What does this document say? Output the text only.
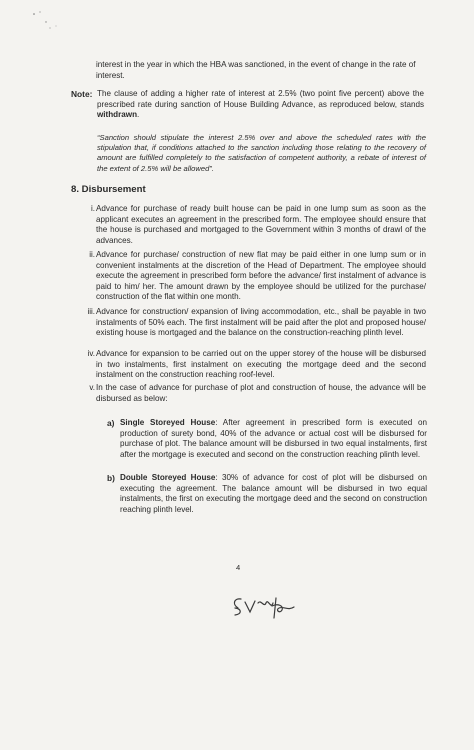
interest in the year in which the HBA was sanctioned, in the event of change in the rate of interest.
Note: The clause of adding a higher rate of interest at 2.5% (two point five percent) above the prescribed rate during sanction of House Building Advance, as reproduced below, stands withdrawn.
“Sanction should stipulate the interest 2.5% over and above the scheduled rates with the stipulation that, if conditions attached to the sanction including those relating to the recovery of amount are fulfilled completely to the satisfaction of competent authority, a rebate of interest of the extent of 2.5% will be allowed”.
8. Disbursement
i. Advance for purchase of ready built house can be paid in one lump sum as soon as the applicant executes an agreement in the prescribed form. The employee should ensure that the house is purchased and mortgaged to the Government within 3 months of drawl of the advances.
ii. Advance for purchase/ construction of new flat may be paid either in one lump sum or in convenient instalments at the discretion of the Head of Department. The employee should execute the agreement in prescribed form before the advance/ first instalment of advance is paid to him/ her. The amount drawn by the employee should be utilized for the purchase/ construction of the flat within one month.
iii. Advance for construction/ expansion of living accommodation, etc., shall be payable in two instalments of 50% each. The first instalment will be paid after the plot and proposed house/ existing house is mortgaged and the balance on the construction-reaching plinth level.
iv. Advance for expansion to be carried out on the upper storey of the house will be disbursed in two instalments, first instalment on executing the mortgage deed and the second instalment on the construction reaching roof-level.
v. In the case of advance for purchase of plot and construction of house, the advance will be disbursed as below:
a) Single Storeyed House: After agreement in prescribed form is executed on production of surety bond, 40% of the advance or actual cost will be disbursed for purchase of plot. The balance amount will be disbursed in two equal instalments, first after the mortgage is executed and second on the construction reaching plinth level.
b) Double Storeyed House: 30% of advance for cost of plot will be disbursed on executing the agreement. The balance amount will be disbursed in two equal instalments, the first on executing the mortgage deed and the second on construction reaching plinth level.
4
